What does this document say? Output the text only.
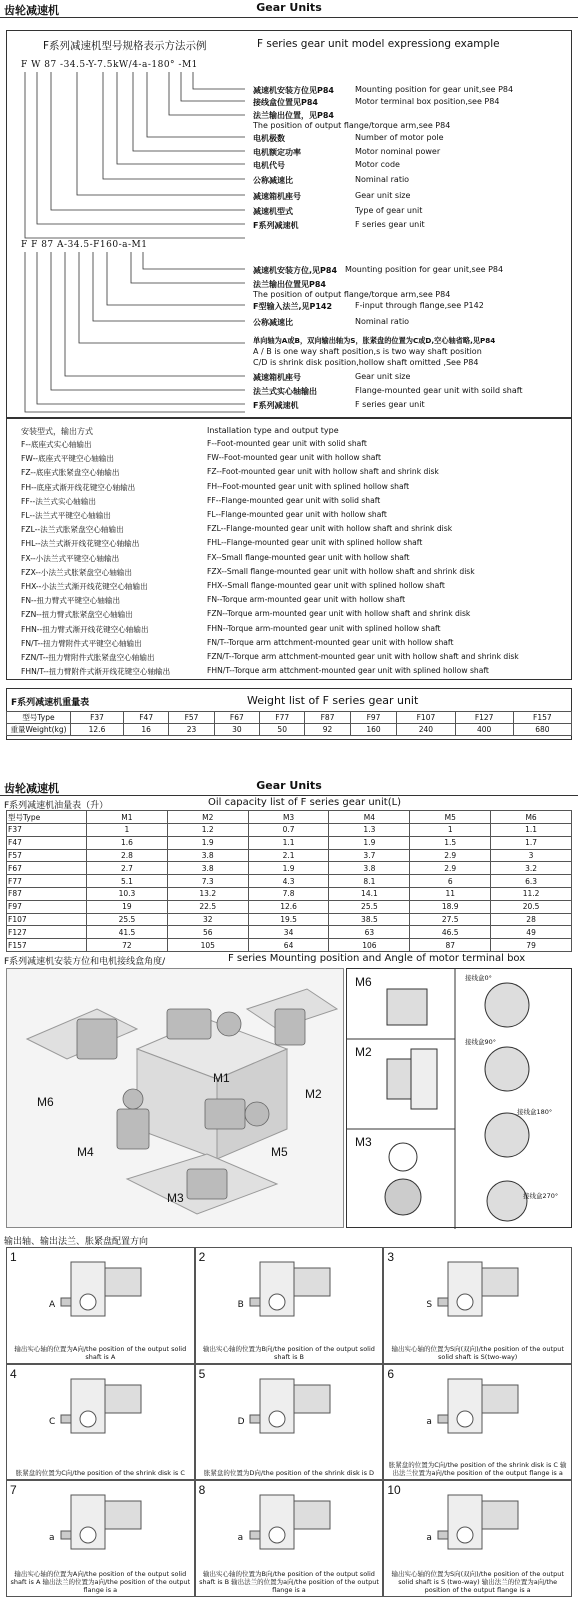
齿轮减速机	Gear Units
F系列减速机型号规格表示方法示例	F series gear unit model expressiong example
F W 87 -34.5-Y-7.5kW/4-a-180° -M1
减速机安装方位见P84	Mounting position for gear unit,see P84
接线盒位置见P84	Motor terminal box position,see P84
法兰输出位置，见P84
The position of output flange/torque arm,see P84
电机极数	Number of motor pole
电机额定功率	Motor nominal power
电机代号	Motor code
公称减速比	Nominal ratio
减速箱机座号	Gear unit size
减速机型式	Type of gear unit
F系列减速机	F series gear unit
F F 87 A-34.5-F160-a-M1
减速机安装方位,见P84 Mounting position for gear unit,see P84
法兰输出位置见P84
The position of output flange/torque arm,see P84
F型输入法兰,见P142	F-input through flange,see P142
公称减速比	Nominal ratio
单向轴为A或B，双向输出轴为S，胀紧盘的位置为C或D,空心轴省略,见P84
A / B is one way shaft position,s is two way shaft position
C/D is shrink disk position,hollow shaft omitted ,See P84
减速箱机座号	Gear unit size
法兰式实心轴输出	Flange-mounted gear unit with soild shaft
F系列减速机	F series gear unit
安装型式，输出方式	Installation type and output type
F--底座式实心轴输出	F--Foot-mounted gear unit with solid shaft
FW--底座式平键空心轴输出	FW--Foot-mounted gear unit with hollow shaft
FZ--底座式胀紧盘空心轴输出	FZ--Foot-mounted gear unit with hollow shaft and shrink disk
FH--底座式渐开线花键空心轴输出	FH--Foot-mounted gear unit with splined hollow shaft
FF--法兰式实心轴输出	FF--Flange-mounted gear unit with solid shaft
FL--法兰式平键空心轴输出	FL--Flange-mounted gear unit with hollow shaft
FZL--法兰式胀紧盘空心轴输出	FZL--Flange-mounted gear unit with hollow shaft and shrink disk
FHL--法兰式渐开线花键空心轴输出	FHL--Flange-mounted gear unit with splined hollow shaft
FX--小法兰式平键空心轴输出	FX--Small flange-mounted gear unit with hollow shaft
FZX--小法兰式胀紧盘空心轴输出	FZX--Small flange-mounted gear unit with hollow shaft and shrink disk
FHX--小法兰式渐开线花键空心轴输出	FHX--Small flange-mounted gear unit with splined hollow shaft
FN--扭力臂式平键空心轴输出	FN--Torque arm-mounted gear unit with hollow shaft
FZN--扭力臂式胀紧盘空心轴输出	FZN--Torque arm-mounted gear unit with hollow shaft and shrink disk
FHN--扭力臂式渐开线花键空心轴输出	FHN--Torque arm-mounted gear unit with splined hollow shaft
FN/T--扭力臂附件式平键空心轴输出	FN/T--Torque arm attchment-mounted gear unit with hollow shaft
FZN/T--扭力臂附件式胀紧盘空心轴输出	FZN/T--Torque arm attchment-mounted gear unit with hollow shaft and shrink disk
FHN/T--扭力臂附件式渐开线花键空心轴输出	FHN/T--Torque arm attchment-mounted gear unit with splined hollow shaft
F系列减速机重量表	Weight list of F series gear unit
型号Type	F37	F47	F57	F67	F77	F87	F97	F107	F127	F157
重量Weight(kg)	12.6	16	23	30	50	92	160	240	400	680
齿轮减速机	Gear Units
F系列减速机油量表（升）	Oil capacity list of F series gear unit(L)
型号Type	M1	M2	M3	M4	M5	M6
F37	1	1.2	0.7	1.3	1	1.1
F47	1.6	1.9	1.1	1.9	1.5	1.7
F57	2.8	3.8	2.1	3.7	2.9	3
F67	2.7	3.8	1.9	3.8	2.9	3.2
F77	5.1	7.3	4.3	8.1	6	6.3
F87	10.3	13.2	7.8	14.1	11	11.2
F97	19	22.5	12.6	25.5	18.9	20.5
F107	25.5	32	19.5	38.5	27.5	28
F127	41.5	56	34	63	46.5	49
F157	72	105	64	106	87	79
F系列减速机安装方位和电机接线盒角度/	F series Mounting position and Angle of motor terminal box
M1
M2
M3
M4	M5
M6
M6
M2
M3
接线盒0°
接线盒90°
接线盒180°
接线盒270°
输出轴、输出法兰、胀紧盘配置方向
1
A
输出实心轴的位置为A向/the position of the output solid shaft is A
2
B
输出实心轴的位置为B向/the position of the output solid shaft is B
3
S
输出实心轴的位置为S向(双向)/the position of the output solid shaft is S(two-way)
4
C
胀紧盘的位置为C向/the position of the shrink disk is C
5
D
胀紧盘的位置为D向/the position of the shrink disk is D
6
a
胀紧盘的位置为C向/the position of the shrink disk is C 输出法兰位置为a向/the position of the output flange is a
7
a
输出实心轴的位置为A向/the position of the output solid shaft is A 输出法兰的位置为a向/the position of the output flange is a
8
a
输出实心轴的位置为B向/the position of the output solid shaft is B 输出法兰的位置为a向/the position of the output flange is a
10
a
输出实心轴的位置为S向(双向)/the position of the output solid shaft is S (two-way) 输出法兰的位置为a向/the position of the output flange is a
